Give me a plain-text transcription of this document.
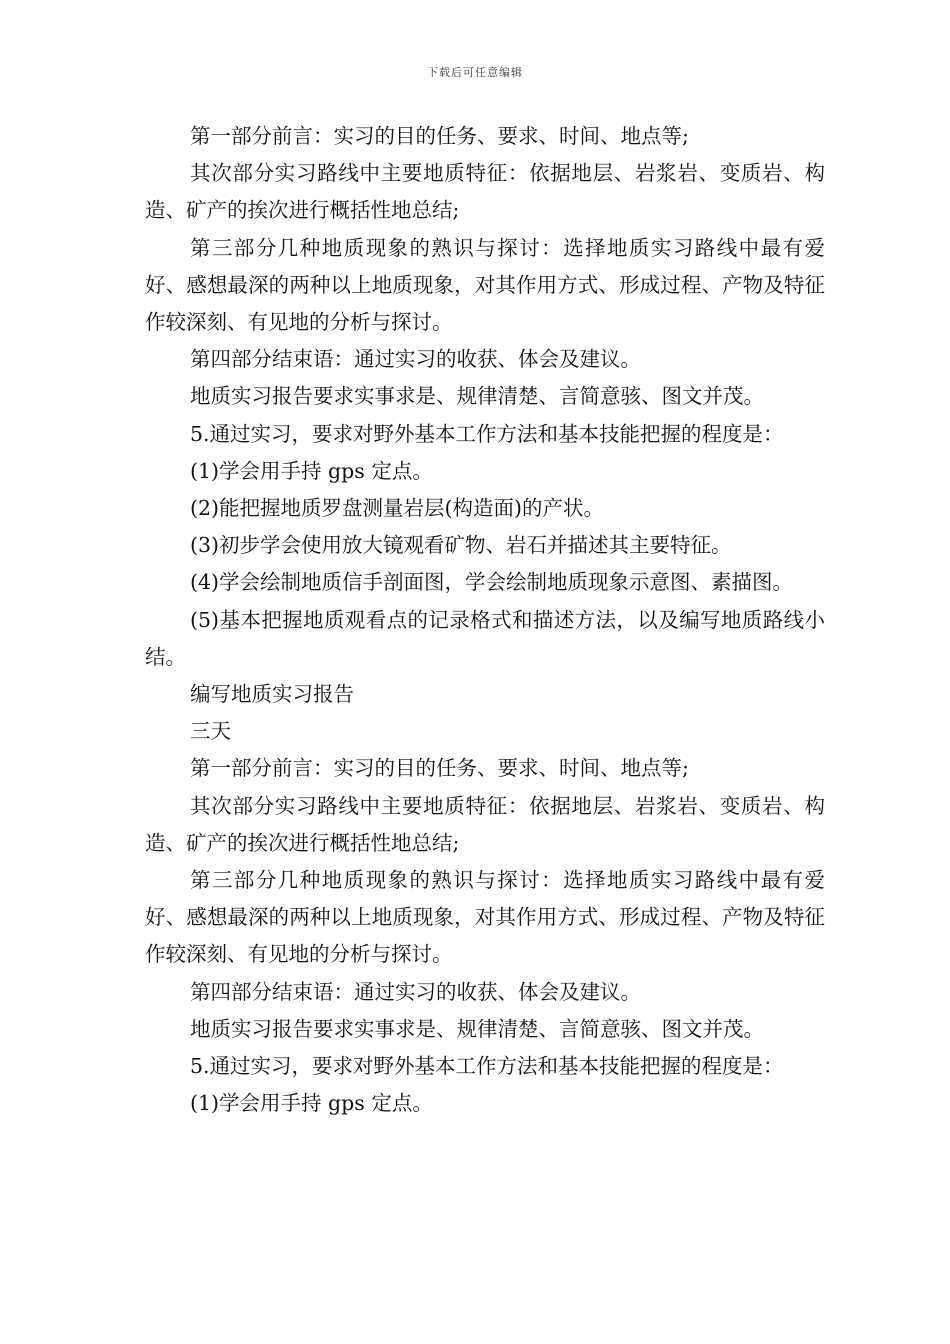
下载后可任意编辑

第一部分前言：实习的目的任务、要求、时间、地点等;

其次部分实习路线中主要地质特征：依据地层、岩浆岩、变质岩、构造、矿产的挨次进行概括性地总结;

第三部分几种地质现象的熟识与探讨：选择地质实习路线中最有爱好、感想最深的两种以上地质现象，对其作用方式、形成过程、产物及特征作较深刻、有见地的分析与探讨。

第四部分结束语：通过实习的收获、体会及建议。

地质实习报告要求实事求是、规律清楚、言简意骇、图文并茂。

5.通过实习，要求对野外基本工作方法和基本技能把握的程度是：

(1)学会用手持 gps 定点。

(2)能把握地质罗盘测量岩层(构造面)的产状。

(3)初步学会使用放大镜观看矿物、岩石并描述其主要特征。

(4)学会绘制地质信手剖面图，学会绘制地质现象示意图、素描图。

(5)基本把握地质观看点的记录格式和描述方法，以及编写地质路线小结。

编写地质实习报告

三天

第一部分前言：实习的目的任务、要求、时间、地点等;

其次部分实习路线中主要地质特征：依据地层、岩浆岩、变质岩、构造、矿产的挨次进行概括性地总结;

第三部分几种地质现象的熟识与探讨：选择地质实习路线中最有爱好、感想最深的两种以上地质现象，对其作用方式、形成过程、产物及特征作较深刻、有见地的分析与探讨。

第四部分结束语：通过实习的收获、体会及建议。

地质实习报告要求实事求是、规律清楚、言简意骇、图文并茂。

5.通过实习，要求对野外基本工作方法和基本技能把握的程度是：

(1)学会用手持 gps 定点。
